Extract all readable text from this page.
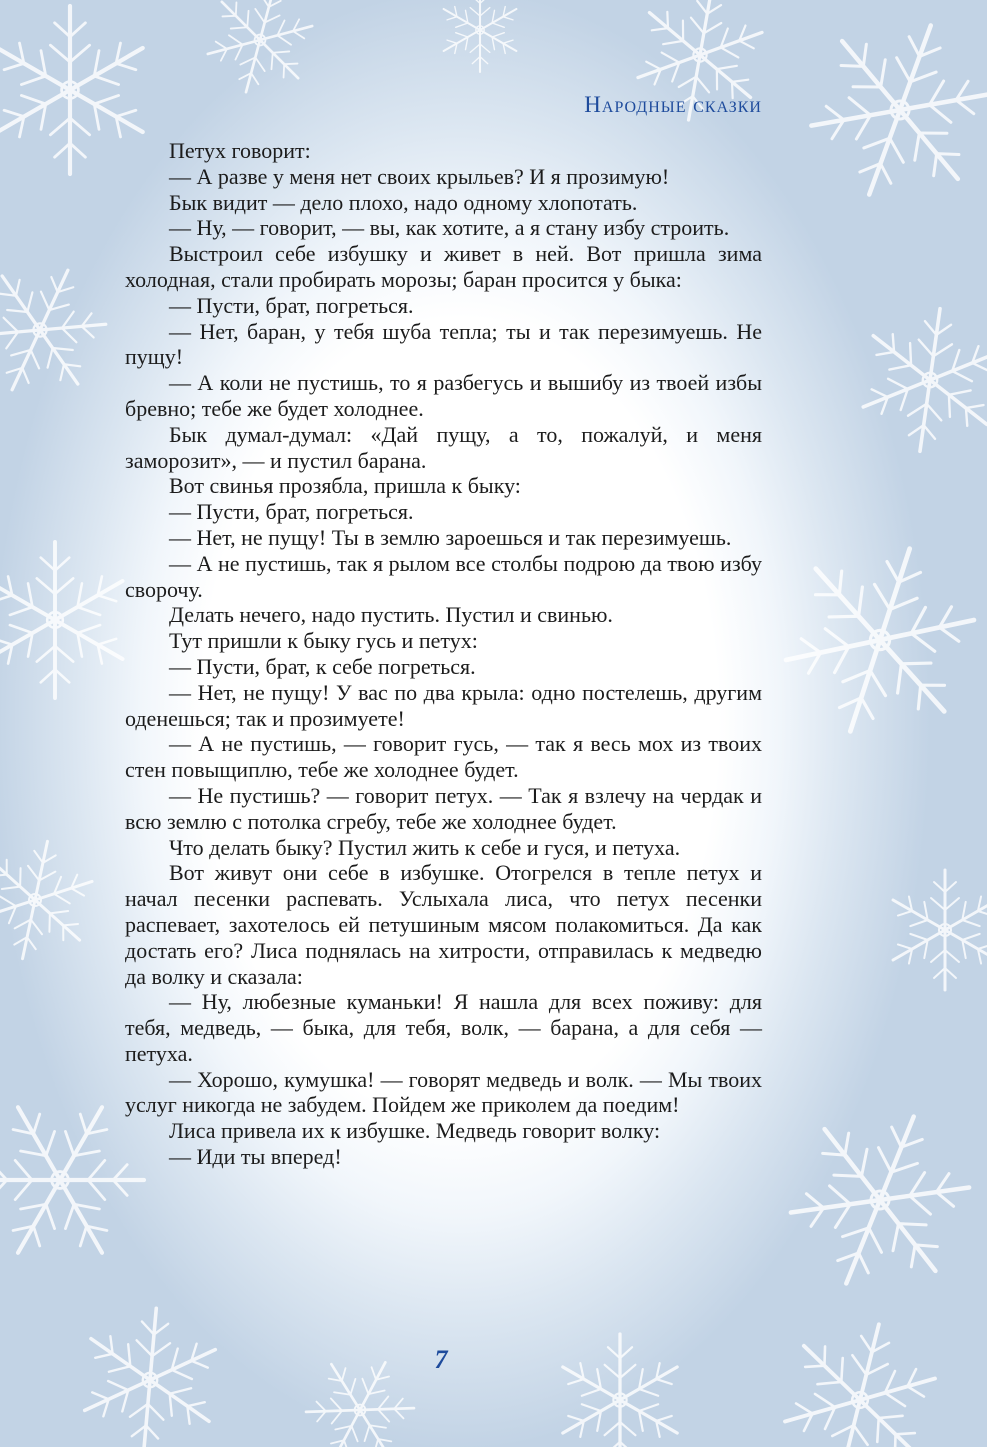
Народные сказки

Петух говорит:

— А разве у меня нет своих крыльев? И я прозимую!

Бык видит — дело плохо, надо одному хлопотать.

— Ну, — говорит, — вы, как хотите, а я стану избу строить.

Выстроил себе избушку и живет в ней. Вот пришла зима холодная, стали пробирать морозы; баран просится у быка:

— Пусти, брат, погреться.

— Нет, баран, у тебя шуба тепла; ты и так перезимуешь. Не пущу!

— А коли не пустишь, то я разбегусь и вышибу из твоей избы бревно; тебе же будет холоднее.

Бык думал-думал: «Дай пущу, а то, пожалуй, и меня заморозит», — и пустил барана.

Вот свинья прозябла, пришла к быку:

— Пусти, брат, погреться.

— Нет, не пущу! Ты в землю зароешься и так перезимуешь.

— А не пустишь, так я рылом все столбы подрою да твою избу сворочу.

Делать нечего, надо пустить. Пустил и свинью.

Тут пришли к быку гусь и петух:

— Пусти, брат, к себе погреться.

— Нет, не пущу! У вас по два крыла: одно постелешь, другим оденешься; так и прозимуете!

— А не пустишь, — говорит гусь, — так я весь мох из твоих стен повыщиплю, тебе же холоднее будет.

— Не пустишь? — говорит петух. — Так я взлечу на чердак и всю землю с потолка сгребу, тебе же холоднее будет.

Что делать быку? Пустил жить к себе и гуся, и петуха.

Вот живут они себе в избушке. Отогрелся в тепле петух и начал песенки распевать. Услыхала лиса, что петух песенки распевает, захотелось ей петушиным мясом полакомиться. Да как достать его? Лиса поднялась на хитрости, отправилась к медведю да волку и сказала:

— Ну, любезные куманьки! Я нашла для всех поживу: для тебя, медведь, — быка, для тебя, волк, — барана, а для себя — петуха.

— Хорошо, кумушка! — говорят медведь и волк. — Мы твоих услуг никогда не забудем. Пойдем же приколем да поедим!

Лиса привела их к избушке. Медведь говорит волку:

— Иди ты вперед!

7
